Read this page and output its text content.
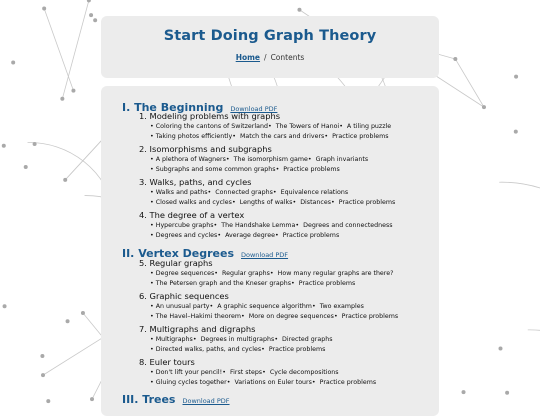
Start Doing Graph Theory
Home / Contents
I. The Beginning Download PDF
1. Modeling problems with graphs
• Coloring the cantons of Switzerland• The Towers of Hanoi• A tiling puzzle
• Taking photos efficiently• Match the cars and drivers• Practice problems
2. Isomorphisms and subgraphs
• A plethora of Wagners• The isomorphism game• Graph invariants
• Subgraphs and some common graphs• Practice problems
3. Walks, paths, and cycles
• Walks and paths• Connected graphs• Equivalence relations
• Closed walks and cycles• Lengths of walks• Distances• Practice problems
4. The degree of a vertex
• Hypercube graphs• The Handshake Lemma• Degrees and connectedness
• Degrees and cycles• Average degree• Practice problems
II. Vertex Degrees Download PDF
5. Regular graphs
• Degree sequences• Regular graphs• How many regular graphs are there?
• The Petersen graph and the Kneser graphs• Practice problems
6. Graphic sequences
• An unusual party• A graphic sequence algorithm• Two examples
• The Havel–Hakimi theorem• More on degree sequences• Practice problems
7. Multigraphs and digraphs
• Multigraphs• Degrees in multigraphs• Directed graphs
• Directed walks, paths, and cycles• Practice problems
8. Euler tours
• Don't lift your pencil!• First steps• Cycle decompositions
• Gluing cycles together• Variations on Euler tours• Practice problems
III. Trees Download PDF
